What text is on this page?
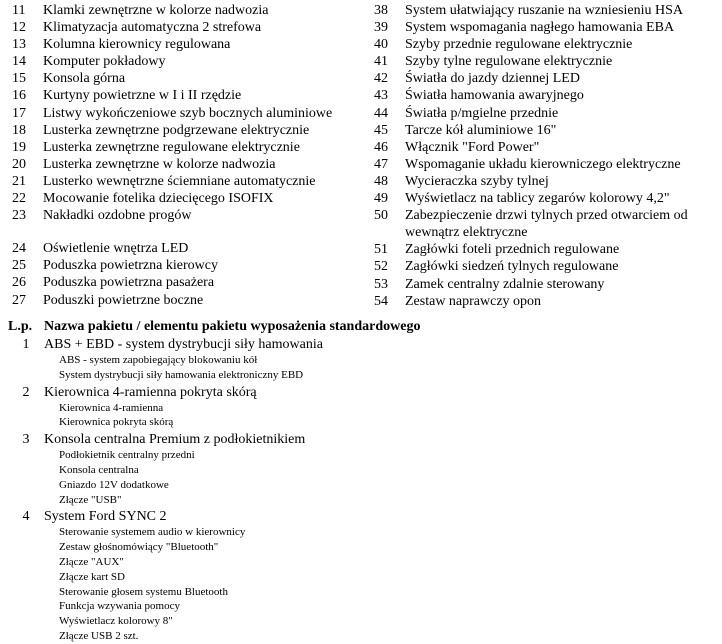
11	Klamki zewnętrzne w kolorze nadwozia
12	Klimatyzacja automatyczna 2 strefowa
13	Kolumna kierownicy regulowana
14	Komputer pokładowy
15	Konsola górna
16	Kurtyny powietrzne w I i II rzędzie
17	Listwy wykończeniowe szyb bocznych aluminiowe
18	Lusterka zewnętrzne podgrzewane elektrycznie
19	Lusterka zewnętrzne regulowane elektrycznie
20	Lusterka zewnętrzne w kolorze nadwozia
21	Lusterko wewnętrzne ściemniane automatycznie
22	Mocowanie fotelika dziecięcego ISOFIX
23	Nakładki ozdobne progów
24	Oświetlenie wnętrza LED
25	Poduszka powietrzna kierowcy
26	Poduszka powietrzna pasażera
27	Poduszki powietrzne boczne
38	System ułatwiający ruszanie na wzniesieniu HSA
39	System wspomagania nagłego hamowania EBA
40	Szyby przednie regulowane elektrycznie
41	Szyby tylne regulowane elektrycznie
42	Światła do jazdy dziennej LED
43	Światła hamowania awaryjnego
44	Światła p/mgielne przednie
45	Tarcze kół aluminiowe 16"
46	Włącznik "Ford Power"
47	Wspomaganie układu kierowniczego elektryczne
48	Wycieraczka szyby tylnej
49	Wyświetlacz na tablicy zegarów kolorowy 4,2"
50	Zabezpieczenie drzwi tylnych przed otwarciem od wewnątrz elektryczne
51	Zagłówki foteli przednich regulowane
52	Zagłówki siedzeń tylnych regulowane
53	Zamek centralny zdalnie sterowany
54	Zestaw naprawczy opon
L.p. Nazwa pakietu / elementu pakietu wyposażenia standardowego
1	ABS + EBD - system dystrybucji siły hamowania
ABS - system zapobiegający blokowaniu kół
System dystrybucji siły hamowania elektroniczny EBD
2	Kierownica 4-ramienna pokryta skórą
Kierownica 4-ramienna
Kierownica pokryta skórą
3	Konsola centralna Premium z podłokietnikiem
Podłokietnik centralny przedni
Konsola centralna
Gniazdo 12V dodatkowe
Złącze "USB"
4	System Ford SYNC 2
Sterowanie systemem audio w kierownicy
Zestaw głośnomówiący "Bluetooth"
Złącze "AUX"
Złącze kart SD
Sterowanie głosem systemu Bluetooth
Funkcja wzywania pomocy
Wyświetlacz kolorowy 8"
Złącze USB 2 szt.
